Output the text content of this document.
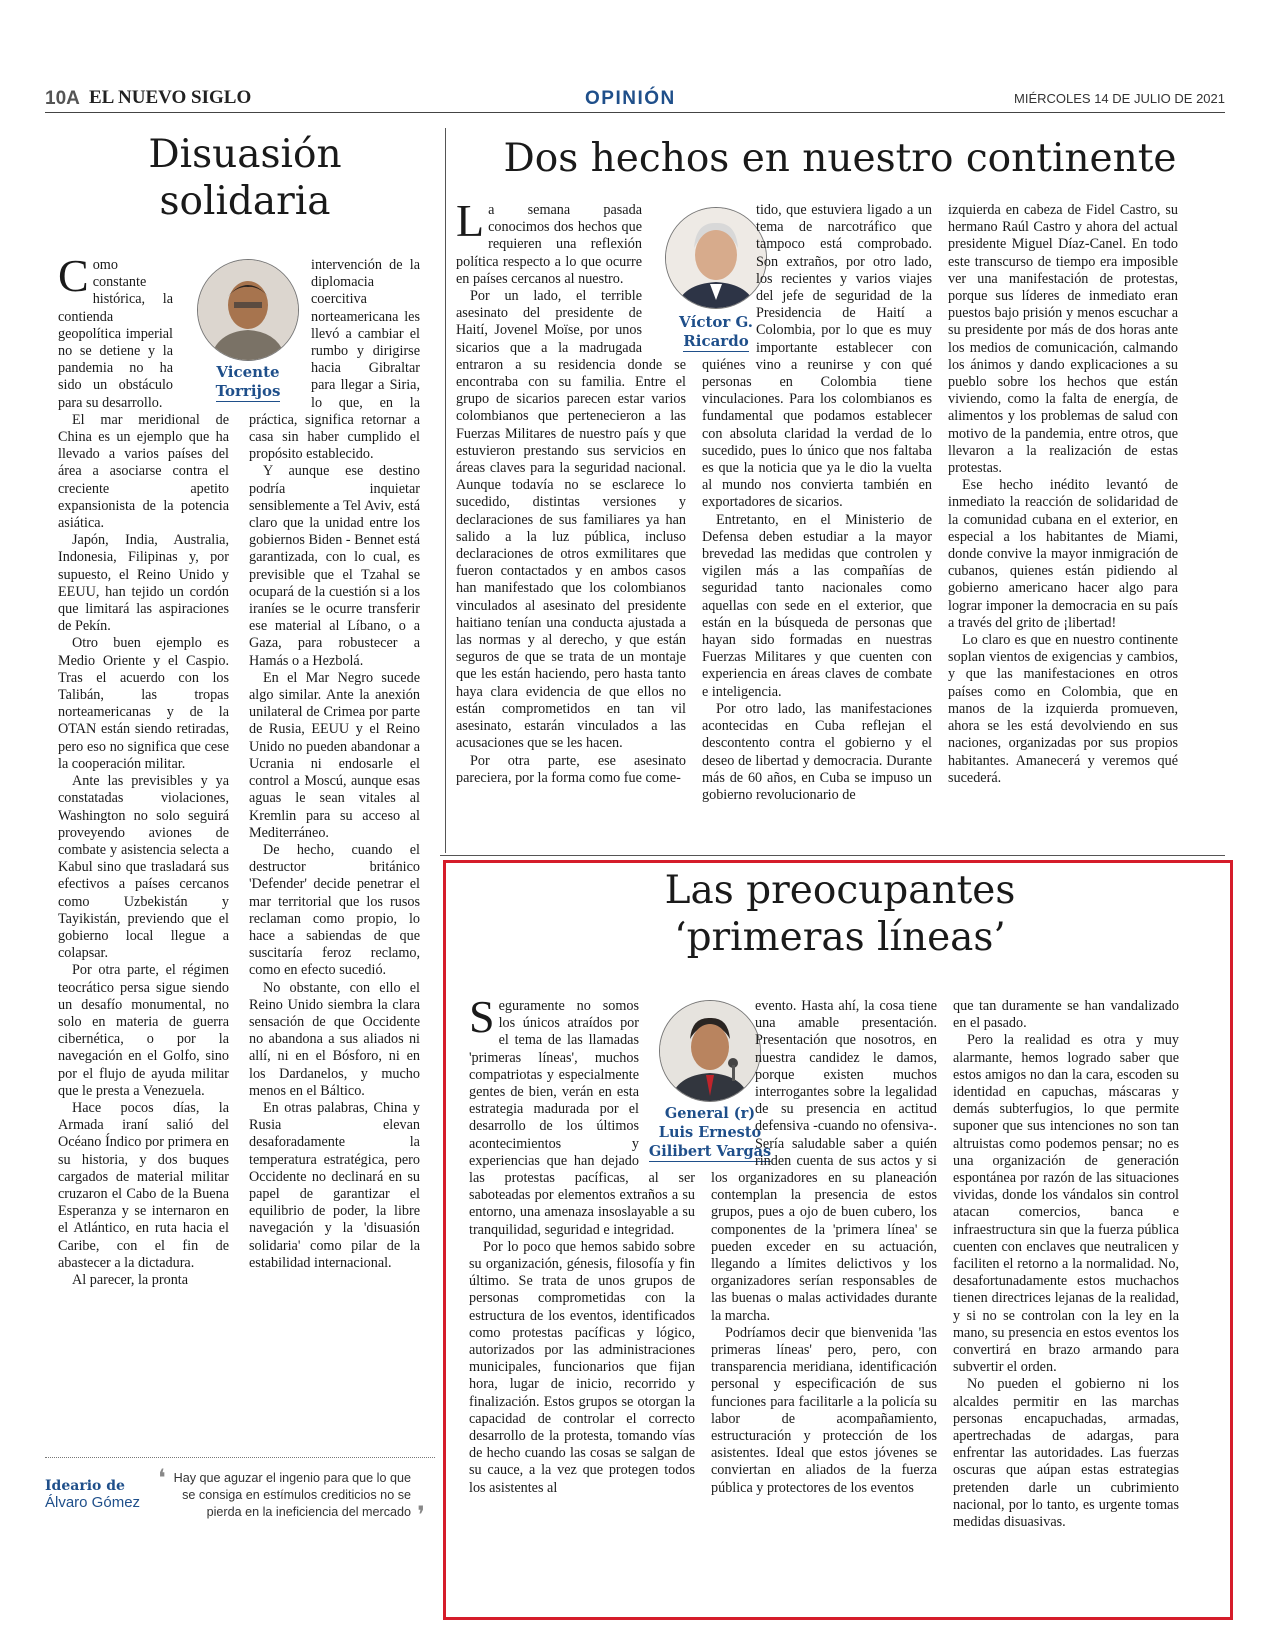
10A EL NUEVO SIGLO	OPINIÓN	MIÉRCOLES 14 DE JULIO DE 2021
Disuasión
solidaria
Vicente
Torrijos

Como constante histórica, la contienda geopolítica imperial no se detiene y la pandemia no ha sido un obstáculo para su desarrollo.

El mar meridional de China es un ejemplo que ha llevado a varios países del área a asociarse contra el creciente apetito expansionista de la potencia asiática.

Japón, India, Australia, Indonesia, Filipinas y, por supuesto, el Reino Unido y EEUU, han tejido un cordón que limitará las aspiraciones de Pekín.

Otro buen ejemplo es Medio Oriente y el Caspio. Tras el acuerdo con los Talibán, las tropas norteamericanas y de la OTAN están siendo retiradas, pero eso no significa que cese la cooperación militar.

Ante las previsibles y ya constatadas violaciones, Washington no solo seguirá proveyendo aviones de combate y asistencia selecta a Kabul sino que trasladará sus efectivos a países cercanos como Uzbekistán y Tayikistán, previendo que el gobierno local llegue a colapsar.

Por otra parte, el régimen teocrático persa sigue siendo un desafío monumental, no solo en materia de guerra cibernética, o por la navegación en el Golfo, sino por el flujo de ayuda militar que le presta a Venezuela.

Hace pocos días, la Armada iraní salió del Océano Índico por primera en su historia, y dos buques cargados de material militar cruzaron el Cabo de la Buena Esperanza y se internaron en el Atlántico, en ruta hacia el Caribe, con el fin de abastecer a la dictadura.

Al parecer, la pronta

intervención de la diplomacia coercitiva norteamericana les llevó a cambiar el rumbo y dirigirse hacia Gibraltar para llegar a Siria, lo que, en la práctica, significa retornar a casa sin haber cumplido el propósito establecido.

Y aunque ese destino podría inquietar sensiblemente a Tel Aviv, está claro que la unidad entre los gobiernos Biden - Bennet está garantizada, con lo cual, es previsible que el Tzahal se ocupará de la cuestión si a los iraníes se le ocurre transferir ese material al Líbano, o a Gaza, para robustecer a Hamás o a Hezbolá.

En el Mar Negro sucede algo similar. Ante la anexión unilateral de Crimea por parte de Rusia, EEUU y el Reino Unido no pueden abandonar a Ucrania ni endosarle el control a Moscú, aunque esas aguas le sean vitales al Kremlin para su acceso al Mediterráneo.

De hecho, cuando el destructor británico 'Defender' decide penetrar el mar territorial que los rusos reclaman como propio, lo hace a sabiendas de que suscitaría feroz reclamo, como en efecto sucedió.

No obstante, con ello el Reino Unido siembra la clara sensación de que Occidente no abandona a sus aliados ni allí, ni en el Bósforo, ni en los Dardanelos, y mucho menos en el Báltico.

En otras palabras, China y Rusia elevan desaforadamente la temperatura estratégica, pero Occidente no declinará en su papel de garantizar el equilibrio de poder, la libre navegación y la 'disuasión solidaria' como pilar de la estabilidad internacional.

Ideario de
Álvaro Gómez
❛ Hay que aguzar el ingenio para que lo que se consiga en estímulos crediticios no se pierda en la ineficiencia del mercado ❜
Dos hechos en nuestro continente
Víctor G.
Ricardo

La semana pasada conocimos dos hechos que requieren una reflexión política respecto a lo que ocurre en países cercanos al nuestro.

Por un lado, el terrible asesinato del presidente de Haití, Jovenel Moïse, por unos sicarios que a la madrugada entraron a su residencia donde se encontraba con su familia. Entre el grupo de sicarios parecen estar varios colombianos que pertenecieron a las Fuerzas Militares de nuestro país y que estuvieron prestando sus servicios en áreas claves para la seguridad nacional. Aunque todavía no se esclarece lo sucedido, distintas versiones y declaraciones de sus familiares ya han salido a la luz pública, incluso declaraciones de otros exmilitares que fueron contactados y en ambos casos han manifestado que los colombianos vinculados al asesinato del presidente haitiano tenían una conducta ajustada a las normas y al derecho, y que están seguros de que se trata de un montaje que les están haciendo, pero hasta tanto haya clara evidencia de que ellos no están comprometidos en tan vil asesinato, estarán vinculados a las acusaciones que se les hacen.

Por otra parte, ese asesinato pareciera, por la forma como fue come-

tido, que estuviera ligado a un tema de narcotráfico que tampoco está comprobado. Son extraños, por otro lado, los recientes y varios viajes del jefe de seguridad de la Presidencia de Haití a Colombia, por lo que es muy importante establecer con quiénes vino a reunirse y con qué personas en Colombia tiene vinculaciones. Para los colombianos es fundamental que podamos establecer con absoluta claridad la verdad de lo sucedido, pues lo único que nos faltaba es que la noticia que ya le dio la vuelta al mundo nos convierta también en exportadores de sicarios.

Entretanto, en el Ministerio de Defensa deben estudiar a la mayor brevedad las medidas que controlen y vigilen más a las compañías de seguridad tanto nacionales como aquellas con sede en el exterior, que están en la búsqueda de personas que hayan sido formadas en nuestras Fuerzas Militares y que cuenten con experiencia en áreas claves de combate e inteligencia.

Por otro lado, las manifestaciones acontecidas en Cuba reflejan el descontento contra el gobierno y el deseo de libertad y democracia. Durante más de 60 años, en Cuba se impuso un gobierno revolucionario de

izquierda en cabeza de Fidel Castro, su hermano Raúl Castro y ahora del actual presidente Miguel Díaz-Canel. En todo este transcurso de tiempo era imposible ver una manifestación de protestas, porque sus líderes de inmediato eran puestos bajo prisión y menos escuchar a su presidente por más de dos horas ante los medios de comunicación, calmando los ánimos y dando explicaciones a su pueblo sobre los hechos que están viviendo, como la falta de energía, de alimentos y los problemas de salud con motivo de la pandemia, entre otros, que llevaron a la realización de estas protestas.

Ese hecho inédito levantó de inmediato la reacción de solidaridad de la comunidad cubana en el exterior, en especial a los habitantes de Miami, donde convive la mayor inmigración de cubanos, quienes están pidiendo al gobierno americano hacer algo para lograr imponer la democracia en su país a través del grito de ¡libertad!

Lo claro es que en nuestro continente soplan vientos de exigencias y cambios, y que las manifestaciones en otros países como en Colombia, que en manos de la izquierda promueven, ahora se les está devolviendo en sus naciones, organizadas por sus propios habitantes. Amanecerá y veremos qué sucederá.

Las preocupantes
‘primeras líneas’
General (r)
Luis Ernesto
Gilibert Vargas

Seguramente no somos los únicos atraídos por el tema de las llamadas 'primeras líneas', muchos compatriotas y especialmente gentes de bien, verán en esta estrategia madurada por el desarrollo de los últimos acontecimientos y experiencias que han dejado las protestas pacíficas, al ser saboteadas por elementos extraños a su entorno, una amenaza insoslayable a su tranquilidad, seguridad e integridad.

Por lo poco que hemos sabido sobre su organización, génesis, filosofía y fin último. Se trata de unos grupos de personas comprometidas con la estructura de los eventos, identificados como protestas pacíficas y lógico, autorizados por las administraciones municipales, funcionarios que fijan hora, lugar de inicio, recorrido y finalización. Estos grupos se otorgan la capacidad de controlar el correcto desarrollo de la protesta, tomando vías de hecho cuando las cosas se salgan de su cauce, a la vez que protegen todos los asistentes al

evento. Hasta ahí, la cosa tiene una amable presentación. Presentación que nosotros, en nuestra candidez le damos, porque existen muchos interrogantes sobre la legalidad de su presencia en actitud defensiva -cuando no ofensiva-. Sería saludable saber a quién rinden cuenta de sus actos y si los organizadores en su planeación contemplan la presencia de estos grupos, pues a ojo de buen cubero, los componentes de la 'primera línea' se pueden exceder en su actuación, llegando a límites delictivos y los organizadores serían responsables de las buenas o malas actividades durante la marcha.

Podríamos decir que bienvenida 'las primeras líneas' pero, pero, con transparencia meridiana, identificación personal y especificación de sus funciones para facilitarle a la policía su labor de acompañamiento, estructuración y protección de los asistentes. Ideal que estos jóvenes se conviertan en aliados de la fuerza pública y protectores de los eventos

que tan duramente se han vandalizado en el pasado.

Pero la realidad es otra y muy alarmante, hemos logrado saber que estos amigos no dan la cara, escoden su identidad en capuchas, máscaras y demás subterfugios, lo que permite suponer que sus intenciones no son tan altruistas como podemos pensar; no es una organización de generación espontánea por razón de las situaciones vividas, donde los vándalos sin control atacan comercios, banca e infraestructura sin que la fuerza pública cuenten con enclaves que neutralicen y faciliten el retorno a la normalidad. No, desafortunadamente estos muchachos tienen directrices lejanas de la realidad, y si no se controlan con la ley en la mano, su presencia en estos eventos los convertirá en brazo armando para subvertir el orden.

No pueden el gobierno ni los alcaldes permitir en las marchas personas encapuchadas, armadas, apertrechadas de adargas, para enfrentar las autoridades. Las fuerzas oscuras que aúpan estas estrategias pretenden darle un cubrimiento nacional, por lo tanto, es urgente tomas medidas disuasivas.
